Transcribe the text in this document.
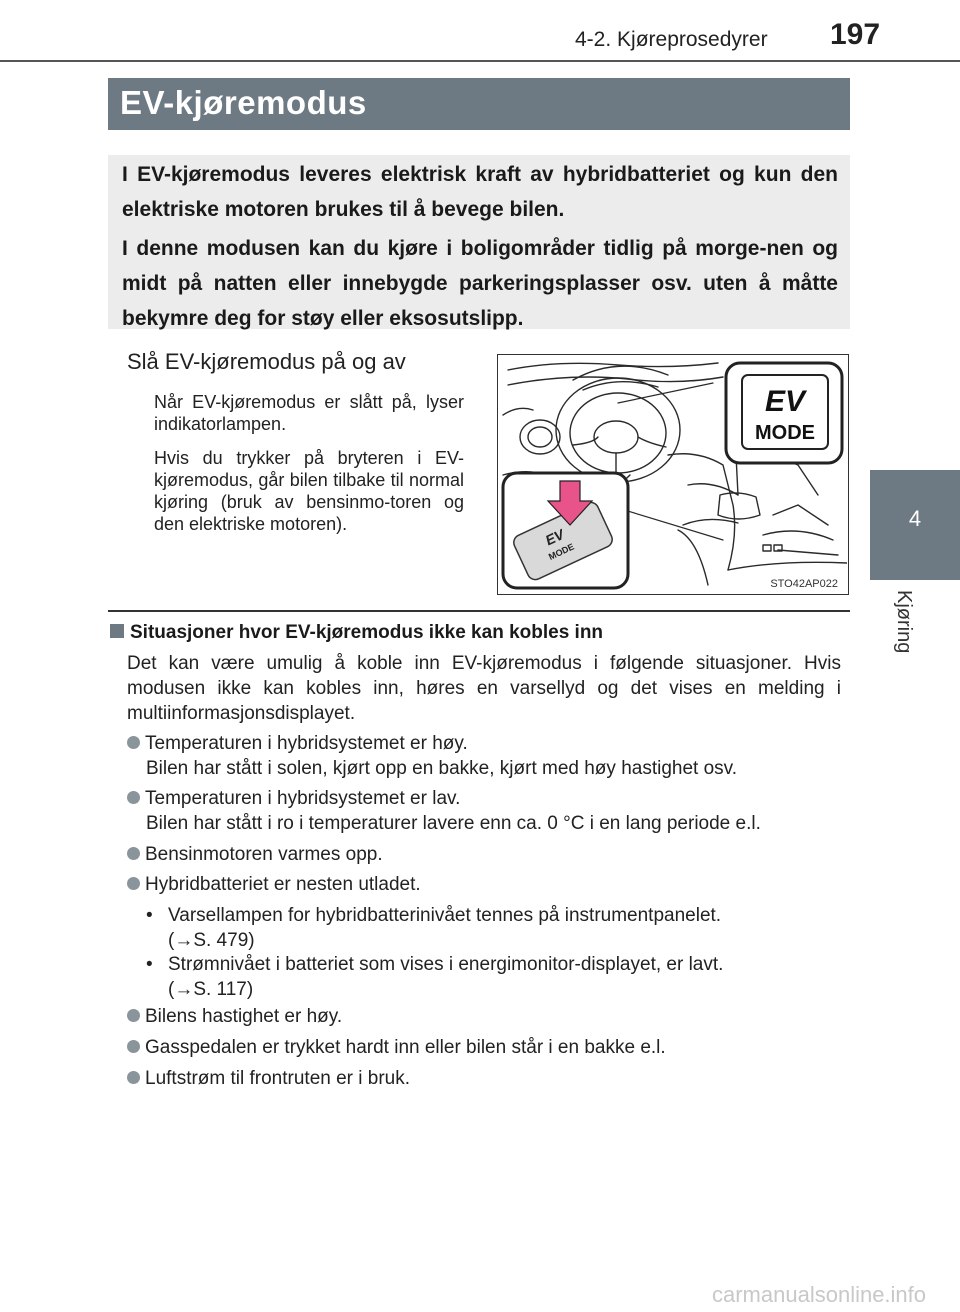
4-2. Kjøreprosedyrer 197
4
Kjøring
EV-kjøremodus
I EV-kjøremodus leveres elektrisk kraft av hybridbatteriet og kun den elektriske motoren brukes til å bevege bilen.
I denne modusen kan du kjøre i boligområder tidlig på morge-nen og midt på natten eller innebygde parkeringsplasser osv. uten å måtte bekymre deg for støy eller eksosutslipp.
Slå EV-kjøremodus på og av
Når EV-kjøremodus er slått på, lyser indikatorlampen.
Hvis du trykker på bryteren i EV-kjøremodus, går bilen tilbake til normal kjøring (bruk av bensinmo-toren og den elektriske motoren).
EV
MODE
EV
MODE
STO42AP022
Situasjoner hvor EV-kjøremodus ikke kan kobles inn
Det kan være umulig å koble inn EV-kjøremodus i følgende situasjoner. Hvis modusen ikke kan kobles inn, høres en varsellyd og det vises en melding i multiinformasjonsdisplayet.
Temperaturen i hybridsystemet er høy.
Bilen har stått i solen, kjørt opp en bakke, kjørt med høy hastighet osv.
Temperaturen i hybridsystemet er lav.
Bilen har stått i ro i temperaturer lavere enn ca. 0 °C i en lang periode e.l.
Bensinmotoren varmes opp.
Hybridbatteriet er nesten utladet.
• Varsellampen for hybridbatterinivået tennes på instrumentpanelet.
(→S. 479)
• Strømnivået i batteriet som vises i energimonitor-displayet, er lavt.
(→S. 117)
Bilens hastighet er høy.
Gasspedalen er trykket hardt inn eller bilen står i en bakke e.l.
Luftstrøm til frontruten er i bruk.
carmanualsonline.info
